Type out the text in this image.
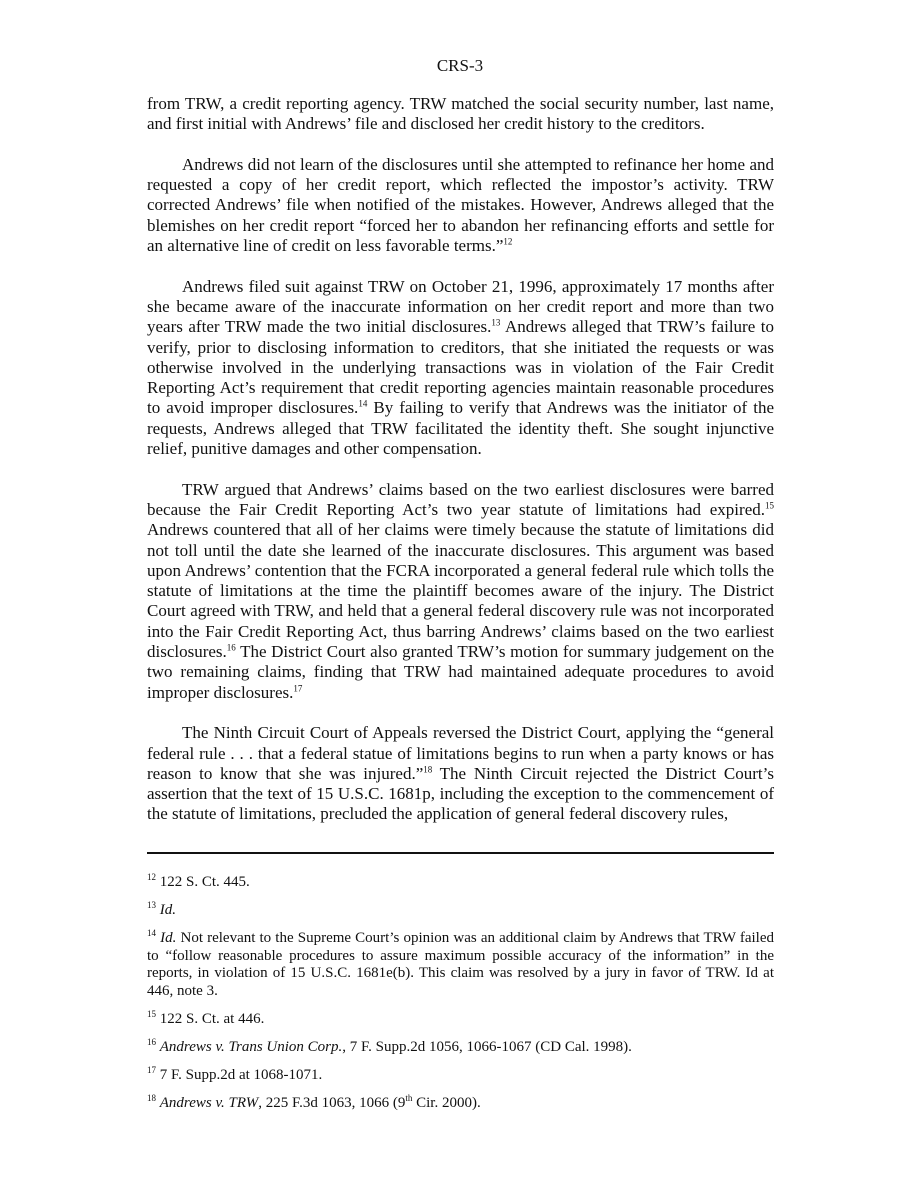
CRS-3

from TRW, a credit reporting agency. TRW matched the social security number, last name, and first initial with Andrews’ file and disclosed her credit history to the creditors.

Andrews did not learn of the disclosures until she attempted to refinance her home and requested a copy of her credit report, which reflected the impostor’s activity. TRW corrected Andrews’ file when notified of the mistakes. However, Andrews alleged that the blemishes on her credit report “forced her to abandon her refinancing efforts and settle for an alternative line of credit on less favorable terms.”$^{12}$

Andrews filed suit against TRW on October 21, 1996, approximately 17 months after she became aware of the inaccurate information on her credit report and more than two years after TRW made the two initial disclosures.$^{13}$ Andrews alleged that TRW’s failure to verify, prior to disclosing information to creditors, that she initiated the requests or was otherwise involved in the underlying transactions was in violation of the Fair Credit Reporting Act’s requirement that credit reporting agencies maintain reasonable procedures to avoid improper disclosures.$^{14}$ By failing to verify that Andrews was the initiator of the requests, Andrews alleged that TRW facilitated the identity theft. She sought injunctive relief, punitive damages and other compensation.

TRW argued that Andrews’ claims based on the two earliest disclosures were barred because the Fair Credit Reporting Act’s two year statute of limitations had expired.$^{15}$ Andrews countered that all of her claims were timely because the statute of limitations did not toll until the date she learned of the inaccurate disclosures. This argument was based upon Andrews’ contention that the FCRA incorporated a general federal rule which tolls the statute of limitations at the time the plaintiff becomes aware of the injury. The District Court agreed with TRW, and held that a general federal discovery rule was not incorporated into the Fair Credit Reporting Act, thus barring Andrews’ claims based on the two earliest disclosures.$^{16}$ The District Court also granted TRW’s motion for summary judgement on the two remaining claims, finding that TRW had maintained adequate procedures to avoid improper disclosures.$^{17}$

The Ninth Circuit Court of Appeals reversed the District Court, applying the “general federal rule . . . that a federal statue of limitations begins to run when a party knows or has reason to know that she was injured.”$^{18}$ The Ninth Circuit rejected the District Court’s assertion that the text of 15 U.S.C. 1681p, including the exception to the commencement of the statute of limitations, precluded the application of general federal discovery rules,

$^{12}$ 122 S. Ct. 445.

$^{13}$ Id.

$^{14}$ Id. Not relevant to the Supreme Court’s opinion was an additional claim by Andrews that TRW failed to “follow reasonable procedures to assure maximum possible accuracy of the information” in the reports, in violation of 15 U.S.C. 1681e(b). This claim was resolved by a jury in favor of TRW. Id at 446, note 3.

$^{15}$ 122 S. Ct. at 446.

$^{16}$ Andrews v. Trans Union Corp., 7 F. Supp.2d 1056, 1066-1067 (CD Cal. 1998).

$^{17}$ 7 F. Supp.2d at 1068-1071.

$^{18}$ Andrews v. TRW, 225 F.3d 1063, 1066 (9th Cir. 2000).
